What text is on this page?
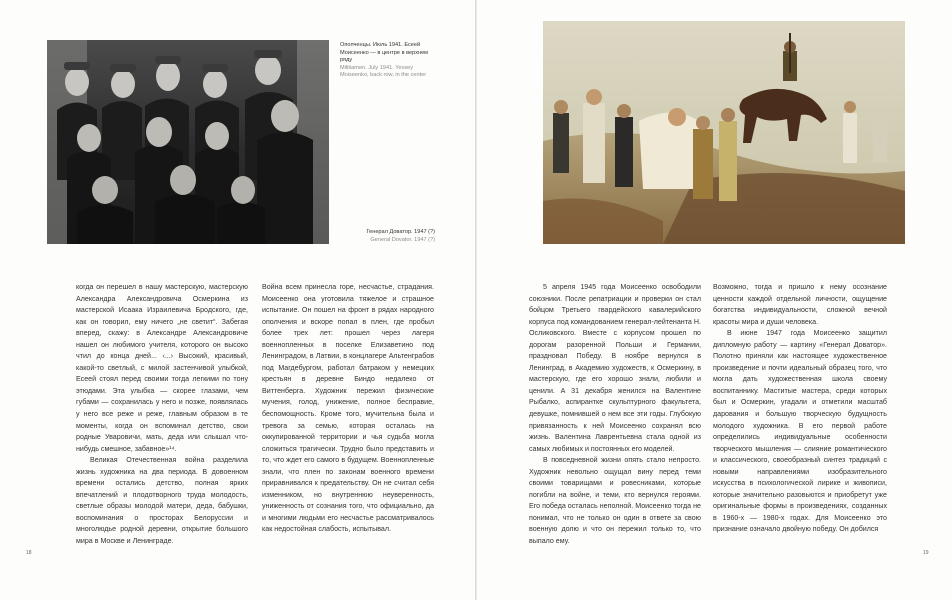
Ополченцы. Июль 1941. Есеей Моисеенко — в центре в верхнем ряду
Militiamen. July 1941. Yevsey Moiseenko, back row, in the center
Генерал Доватор. 1947 (?)
General Dovator. 1947 (?)

когда он перешел в нашу мастерскую, мастерскую Александра Александровича Осмеркина из мастерской Исаака Израилевича Бродского, где, как он говорил, ему ничего „не светит“. Забегая вперед, скажу: в Александре Александровиче нашел он любимого учителя, которого он высоко чтил до конца дней... ‹...› Высокий, красивый, какой-то светлый, с милой застенчивой улыбкой, Есеей стоял перед своими тогда легкими по тону этюдами. Эта улыбка — скорее глазами, чем губами — сохранилась у него и позже, появлялась у него все реже и реже, главным образом в те моменты, когда он вспоминал детство, свои родные Уваровичи, мать, деда или слышал что-нибудь смешное, забавное»¹⁴.

Великая Отечественная война разделила жизнь художника на два периода. В довоенном времени остались детство, полная ярких впечатлений и плодотворного труда молодость, светлые образы молодой матери, деда, бабушки, воспоминания о просторах Белоруссии и многолюдье родной деревни, открытие большого мира в Москве и Ленинграде.

Война всем принесла горе, несчастье, страдания. Моисеенко она уготовила тяжелое и страшное испытание. Он пошел на фронт в рядах народного ополчения и вскоре попал в плен, где пробыл более трех лет: прошел через лагеря военнопленных в поселке Елизаветино под Ленинградом, в Латвии, в концлагере Альтенграбов под Магдебургом, работал батраком у немецких крестьян в деревне Биндо недалеко от Виттенберга. Художник пережил физические мучения, голод, унижение, полное бесправие, беспомощность. Кроме того, мучительна была и тревога за семью, которая осталась на оккупированной территории и чья судьба могла сложиться трагически. Трудно было представить и то, что ждет его самого в будущем. Военнопленные знали, что плен по законам военного времени приравнивался к предательству. Он не считал себя изменником, но внутреннюю неуверенность, униженность от сознания того, что официально, да и многими людьми его несчастье рассматривалось как недостойная слабость, испытывал.

18

5 апреля 1945 года Моисеенко освободили союзники. После репатриации и проверки он стал бойцом Третьего гвардейского кавалерийского корпуса под командованием генерал-лейтенанта Н. Осликовского. Вместе с корпусом прошел по дорогам разоренной Польши и Германии, праздновал Победу. В ноябре вернулся в Ленинград, в Академию художеств, к Осмеркину, в мастерскую, где его хорошо знали, любили и ценили. А 31 декабря женился на Валентине Рыбалко, аспирантке скульптурного факультета, девушке, помнившей о нем все эти годы. Глубокую привязанность к ней Моисеенко сохранял всю жизнь. Валентина Лаврентьевна стала одной из самых любимых и постоянных его моделей.

В повседневной жизни опять стало непросто. Художник невольно ощущал вину перед теми своими товарищами и ровесниками, которые погибли на войне, и теми, кто вернулся героями. Его победа осталась неполной. Моисеенко тогда не понимал, что не только он один в ответе за свою военную долю и что он пережил только то, что выпало ему.

Возможно, тогда и пришло к нему осознание ценности каждой отдельной личности, ощущение богатства индивидуальности, сложной вечной красоты мира и души человека.

В июне 1947 года Моисеенко защитил дипломную работу — картину «Генерал Доватор». Полотно приняли как настоящее художественное произведение и почти идеальный образец того, что могла дать художественная школа своему воспитаннику. Маститые мастера, среди которых был и Осмеркин, угадали и отметили масштаб дарования и большую творческую будущность молодого художника. В его первой работе определились индивидуальные особенности творческого мышления — слияние романтического и классического, своеобразный синтез традиций с новыми направлениями изобразительного искусства в психологической лирике и живописи, которые значительно разовьются и приобретут уже оригинальные формы в произведениях, созданных в 1960-х — 1980-х годах. Для Моисеенко это признание означало двойную победу. Он добился

19
